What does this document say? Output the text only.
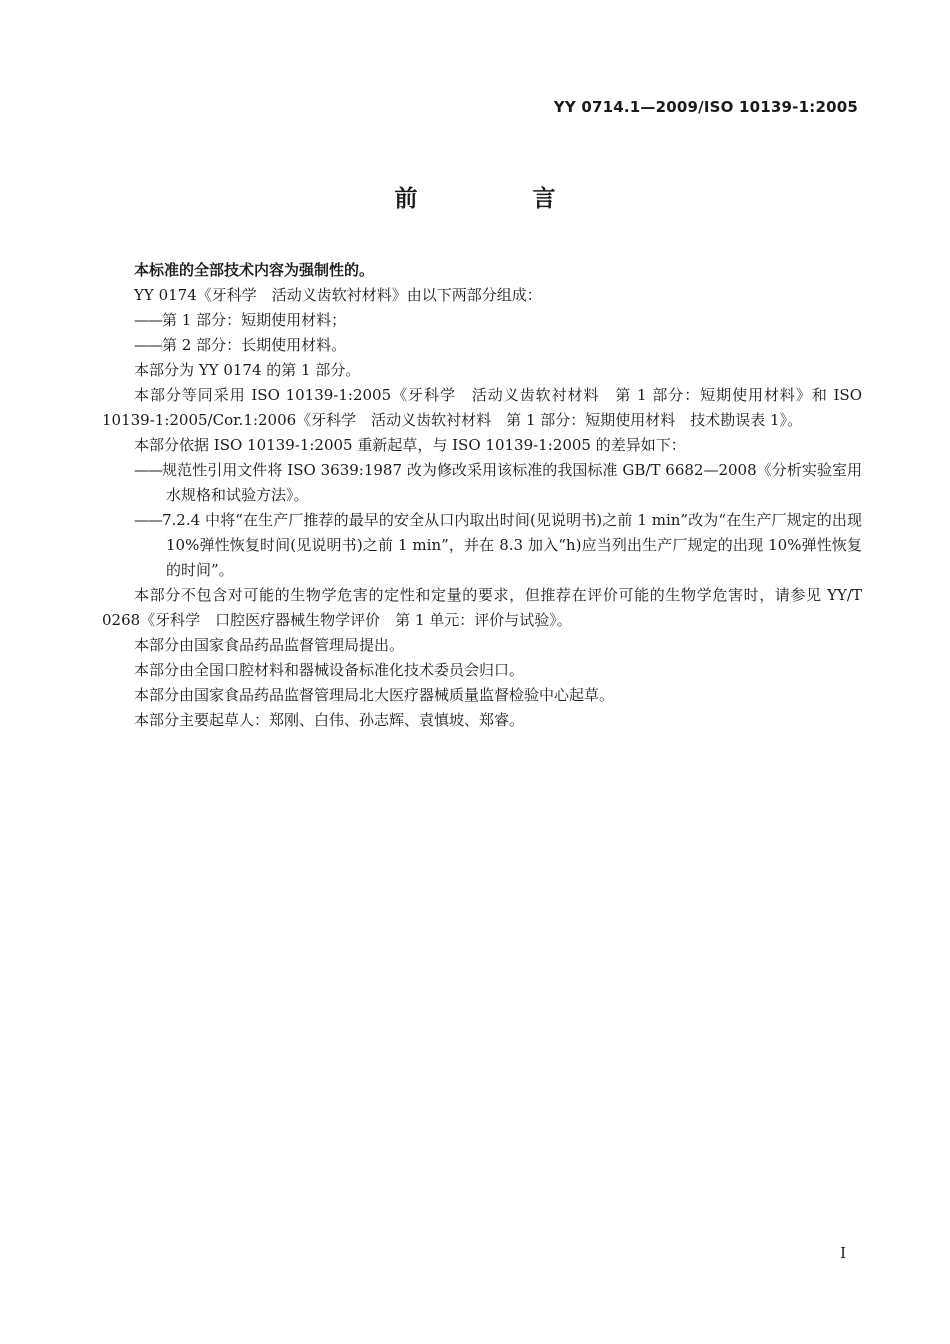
YY 0714.1—2009/ISO 10139-1:2005
前　言

本标准的全部技术内容为强制性的。

YY 0174《牙科学　活动义齿软衬材料》由以下两部分组成：

——第 1 部分：短期使用材料；

——第 2 部分：长期使用材料。

本部分为 YY 0174 的第 1 部分。

本部分等同采用 ISO 10139-1:2005《牙科学　活动义齿软衬材料　第 1 部分：短期使用材料》和 ISO 10139-1:2005/Cor.1:2006《牙科学　活动义齿软衬材料　第 1 部分：短期使用材料　技术勘误表 1》。

本部分依据 ISO 10139-1:2005 重新起草，与 ISO 10139-1:2005 的差异如下：

——规范性引用文件将 ISO 3639:1987 改为修改采用该标准的我国标准 GB/T 6682—2008《分析实验室用水规格和试验方法》。

——7.2.4 中将“在生产厂推荐的最早的安全从口内取出时间(见说明书)之前 1 min”改为“在生产厂规定的出现 10%弹性恢复时间(见说明书)之前 1 min”，并在 8.3 加入“h)应当列出生产厂规定的出现 10%弹性恢复的时间”。

本部分不包含对可能的生物学危害的定性和定量的要求，但推荐在评价可能的生物学危害时，请参见 YY/T 0268《牙科学　口腔医疗器械生物学评价　第 1 单元：评价与试验》。

本部分由国家食品药品监督管理局提出。

本部分由全国口腔材料和器械设备标准化技术委员会归口。

本部分由国家食品药品监督管理局北大医疗器械质量监督检验中心起草。

本部分主要起草人：郑刚、白伟、孙志辉、袁慎坡、郑睿。

I
